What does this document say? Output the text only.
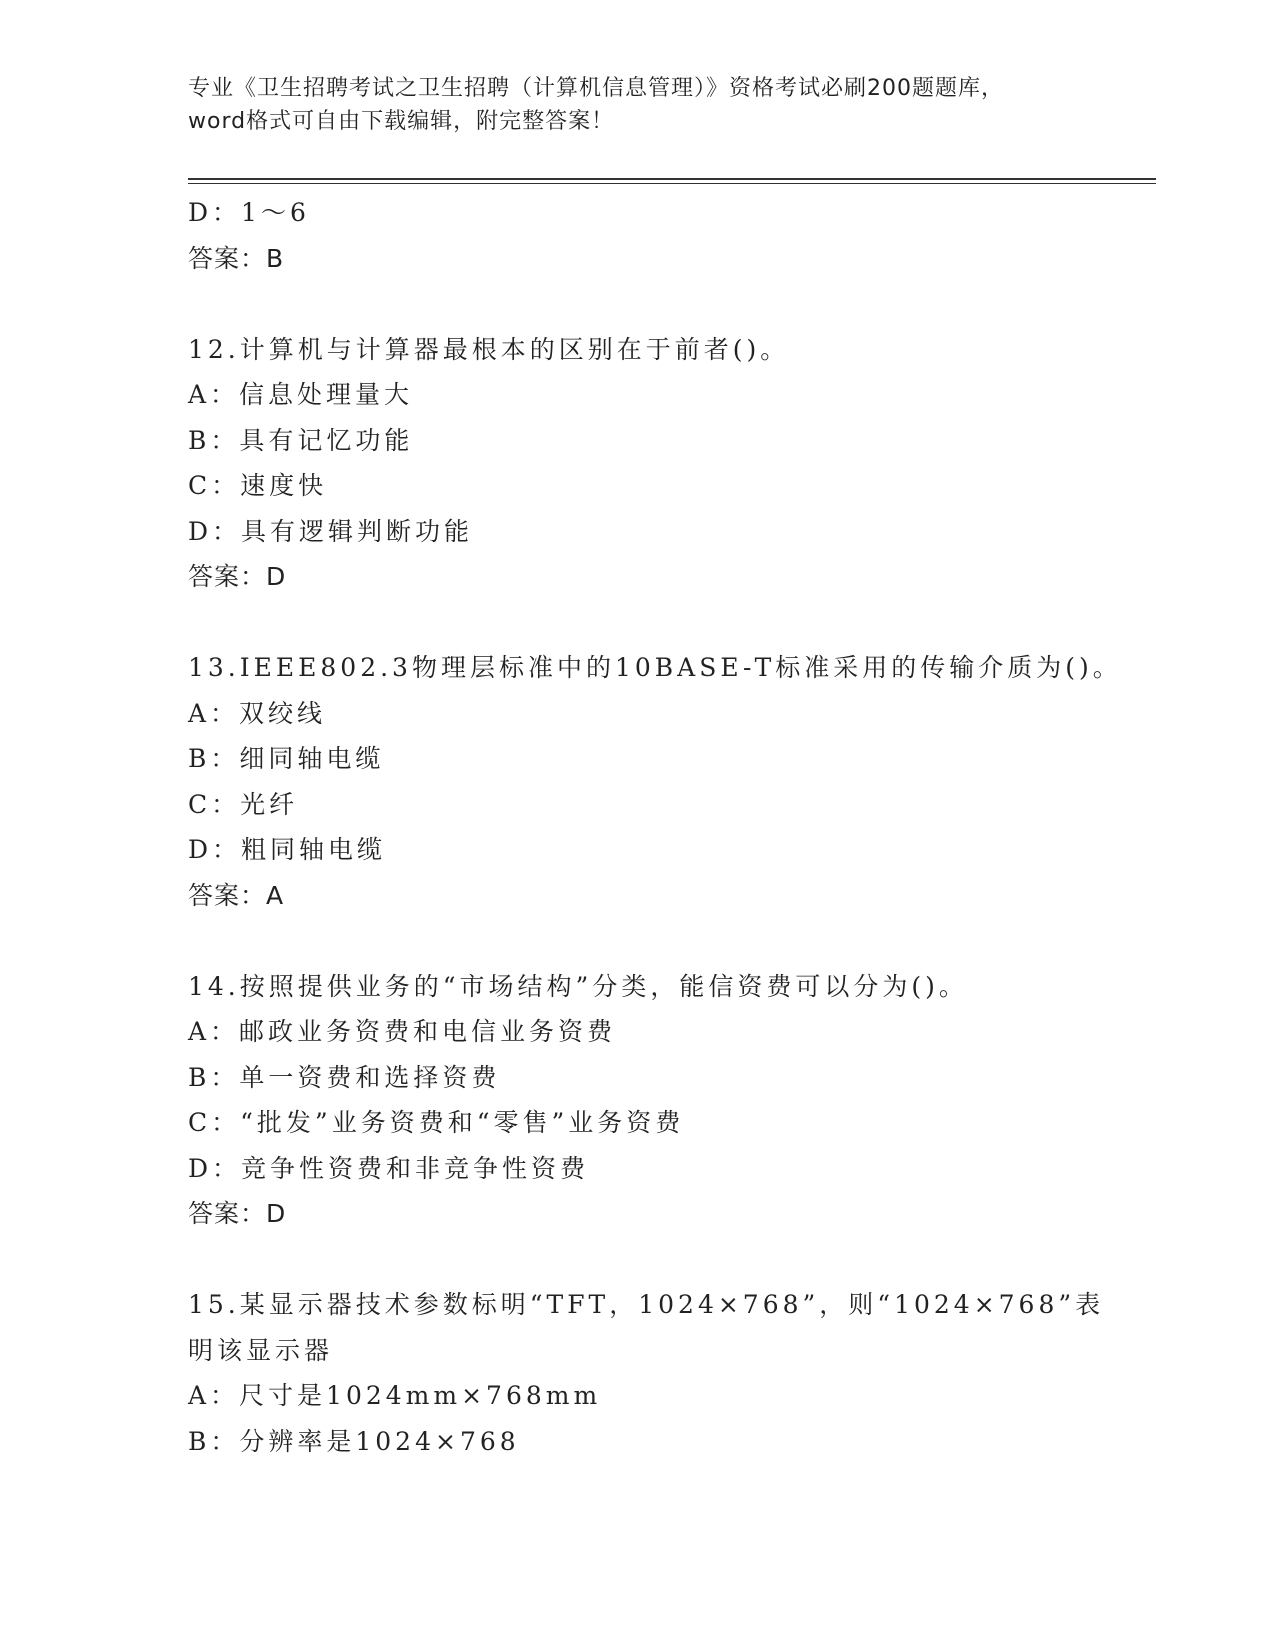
专业《卫生招聘考试之卫生招聘（计算机信息管理）》资格考试必刷200题题库，
word格式可自由下载编辑，附完整答案！
D：1～6
答案：B
12.计算机与计算器最根本的区别在于前者()。
A：信息处理量大
B：具有记忆功能
C：速度快
D：具有逻辑判断功能
答案：D
13.IEEE802.3物理层标准中的10BASE-T标准采用的传输介质为()。
A：双绞线
B：细同轴电缆
C：光纤
D：粗同轴电缆
答案：A
14.按照提供业务的“市场结构”分类，能信资费可以分为()。
A：邮政业务资费和电信业务资费
B：单一资费和选择资费
C：“批发”业务资费和“零售”业务资费
D：竞争性资费和非竞争性资费
答案：D
15.某显示器技术参数标明“TFT，1024×768”，则“1024×768”表
明该显示器
A：尺寸是1024mm×768mm
B：分辨率是1024×768
